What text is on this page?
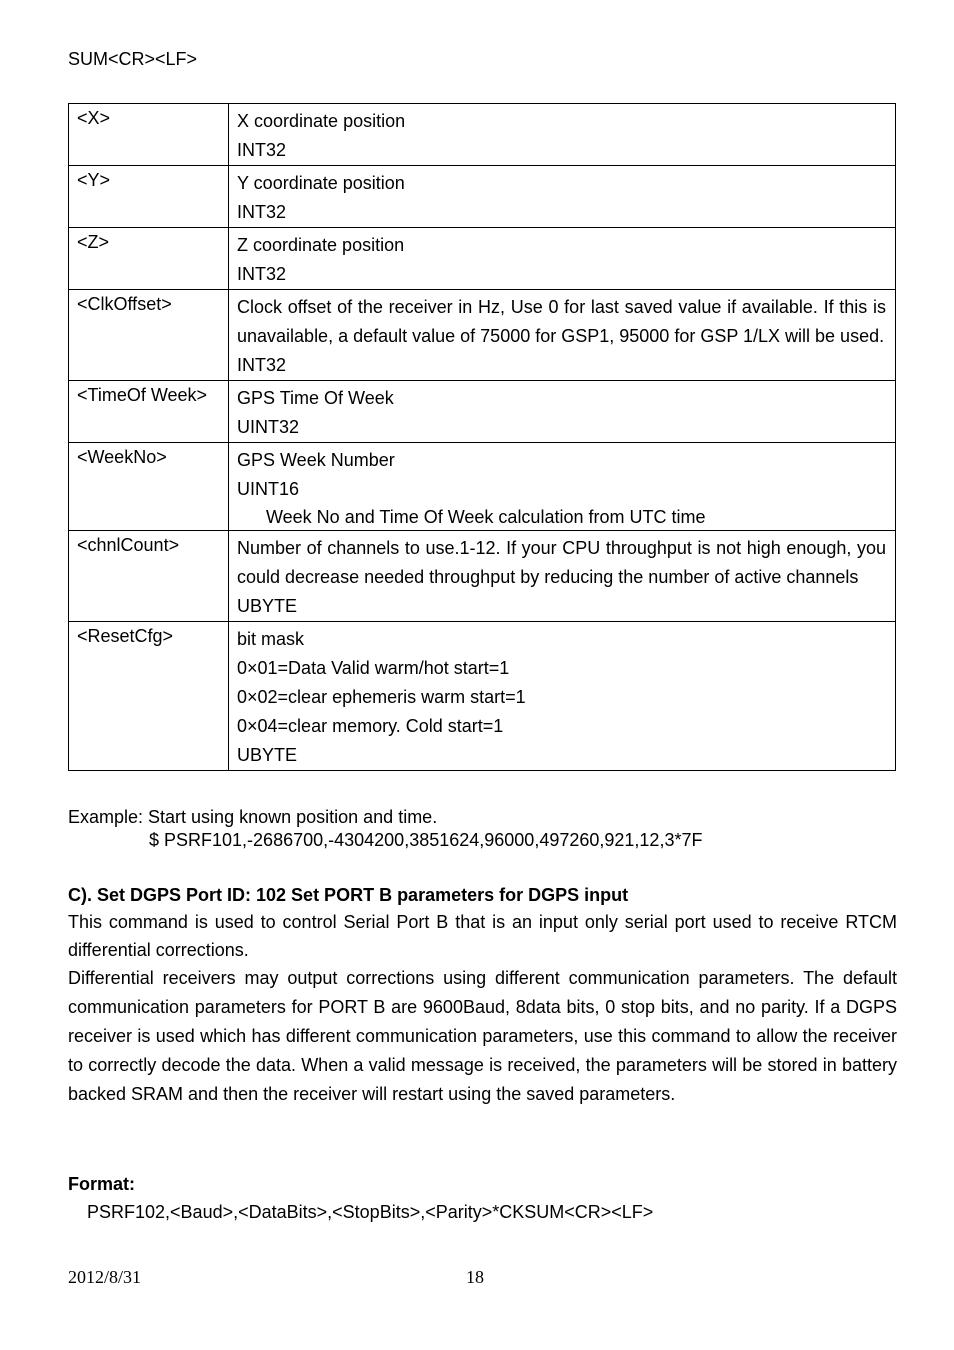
SUM<CR><LF>
<X>	X coordinate position
INT32

<Y>	Y coordinate position
INT32

<Z>	Z coordinate position
INT32

<ClkOffset>	Clock offset of the receiver in Hz, Use 0 for last saved value if available. If this is unavailable, a default value of 75000 for GSP1, 95000 for GSP 1/LX will be used.
INT32

<TimeOf Week>	GPS Time Of Week
UINT32

<WeekNo>	GPS Week Number
UINT16
Week No and Time Of Week calculation from UTC time

<chnlCount>	Number of channels to use.1-12. If your CPU throughput is not high enough, you could decrease needed throughput by reducing the number of active channels
UBYTE

<ResetCfg>	bit mask
0×01=Data Valid warm/hot start=1
0×02=clear ephemeris warm start=1
0×04=clear memory. Cold start=1
UBYTE
Example: Start using known position and time.
$ PSRF101,-2686700,-4304200,3851624,96000,497260,921,12,3*7F
C). Set DGPS Port ID: 102 Set PORT B parameters for DGPS input
This command is used to control Serial Port B that is an input only serial port used to receive RTCM differential corrections.
Differential receivers may output corrections using different communication parameters. The default communication parameters for PORT B are 9600Baud, 8data bits, 0 stop bits, and no parity. If a DGPS receiver is used which has different communication parameters, use this command to allow the receiver to correctly decode the data. When a valid message is received, the parameters will be stored in battery backed SRAM and then the receiver will restart using the saved parameters.
Format:
PSRF102,<Baud>,<DataBits>,<StopBits>,<Parity>*CKSUM<CR><LF>
2012/8/31	18
